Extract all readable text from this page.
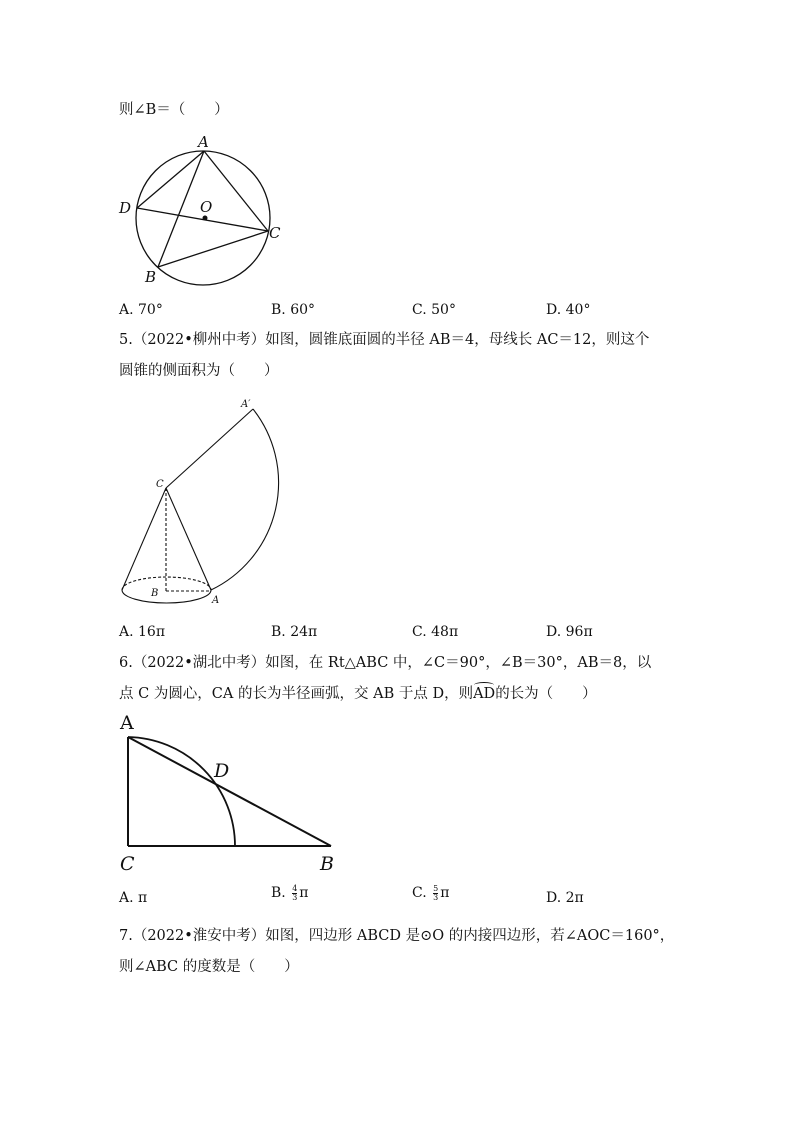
则∠B＝（　　）
A
O
D
C
B
A′
C
B
A
A
D
C	B
A. 70°	B. 60°	C. 50°	D. 40°
5.（2022•柳州中考）如图，圆锥底面圆的半径 AB＝4，母线长 AC＝12，则这个
圆锥的侧面积为（　　）
A. 16π	B. 24π	C. 48π	D. 96π
6.（2022•湖北中考）如图，在 Rt△ABC 中，∠C＝90°，∠B＝30°，AB＝8，以
点 C 为圆心，CA 的长为半径画弧，交 AB 于点 D，则
AD的长为（　　）
A. π	B. $\frac{4}{3}$ π	C. $\frac{5}{3}$ π	D. 2π
7.（2022•淮安中考）如图，四边形 ABCD 是⊙O 的内接四边形，若∠AOC＝160°，
则∠ABC 的度数是（　　）
